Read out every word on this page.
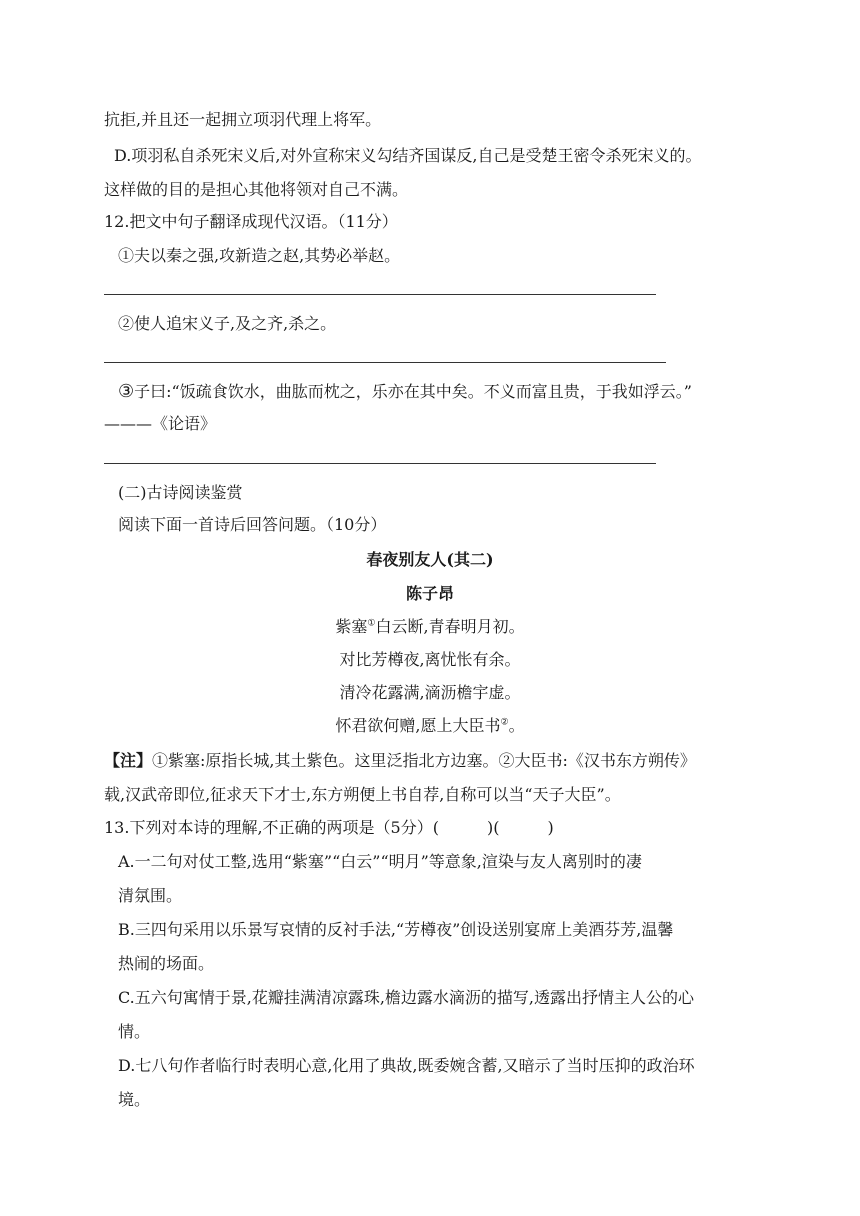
抗拒,并且还一起拥立项羽代理上将军。
D.项羽私自杀死宋义后,对外宣称宋义勾结齐国谋反,自己是受楚王密令杀死宋义的。
这样做的目的是担心其他将领对自己不满。
12.把文中句子翻译成现代汉语。（11分）
①夫以秦之强,攻新造之赵,其势必举赵。
②使人追宋义子,及之齐,杀之。
③子曰:“饭疏食饮水，曲肱而枕之，乐亦在其中矣。不义而富且贵，于我如浮云。”
———《论语》
(二)古诗阅读鉴赏
阅读下面一首诗后回答问题。（10分）
春夜别友人(其二)
陈子昂
紫塞①白云断,青春明月初。
对比芳樽夜,离忧怅有余。
清冷花露满,滴沥檐宇虚。
怀君欲何赠,愿上大臣书②。
【注】①紫塞:原指长城,其土紫色。这里泛指北方边塞。②大臣书:《汉书东方朔传》
载,汉武帝即位,征求天下才士,东方朔便上书自荐,自称可以当“天子大臣”。
13.下列对本诗的理解,不正确的两项是（5分）(　　　)(　　　)
A.一二句对仗工整,选用“紫塞”“白云”“明月”等意象,渲染与友人离别时的凄
清氛围。
B.三四句采用以乐景写哀情的反衬手法,“芳樽夜”创设送别宴席上美酒芬芳,温馨
热闹的场面。
C.五六句寓情于景,花瓣挂满清凉露珠,檐边露水滴沥的描写,透露出抒情主人公的心
情。
D.七八句作者临行时表明心意,化用了典故,既委婉含蓄,又暗示了当时压抑的政治环
境。
